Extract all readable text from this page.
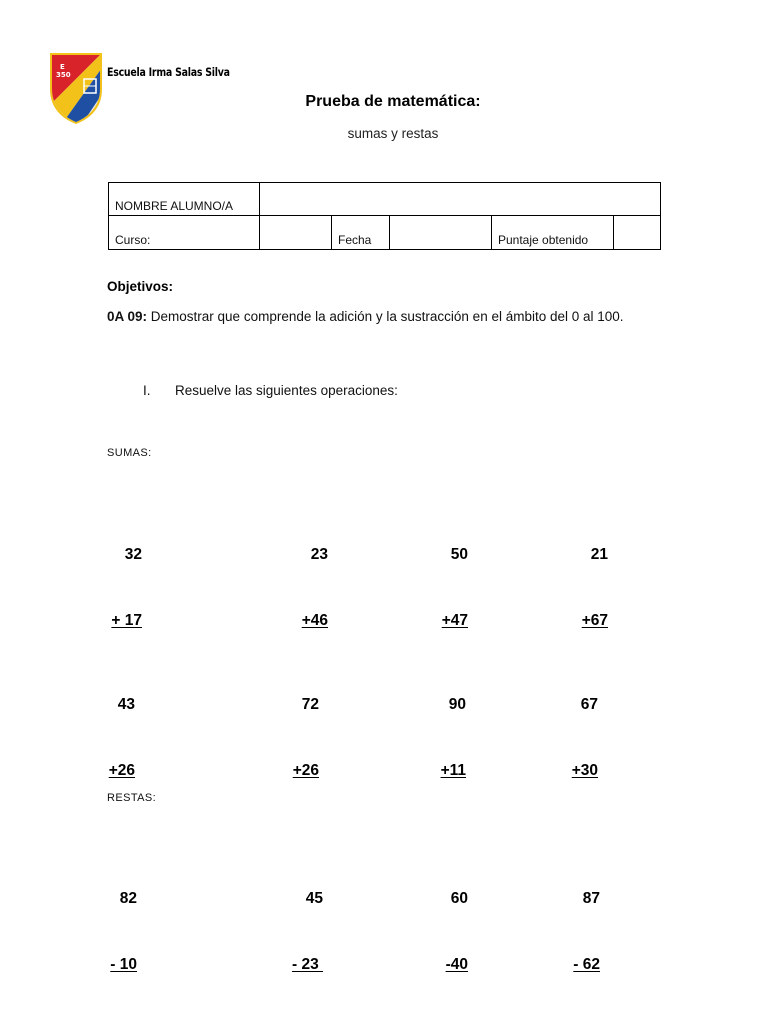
E
350	Escuela Irma Salas Silva
Prueba de matemática:
sumas y restas
NOMBRE ALUMNO/A					
Curso:		Fecha		Puntaje obtenido	
Objetivos:
0A 09: Demostrar que comprende la adición y la sustracción en el ámbito del 0 al 100.
I. Resuelve las siguientes operaciones:
SUMAS:

32

+ 17

23

+46

50

+47

21

+67

43

+26

72

+26

90

+11

67

+30

RESTAS:

82

- 10

45

- 23

60

-40

87

- 62
